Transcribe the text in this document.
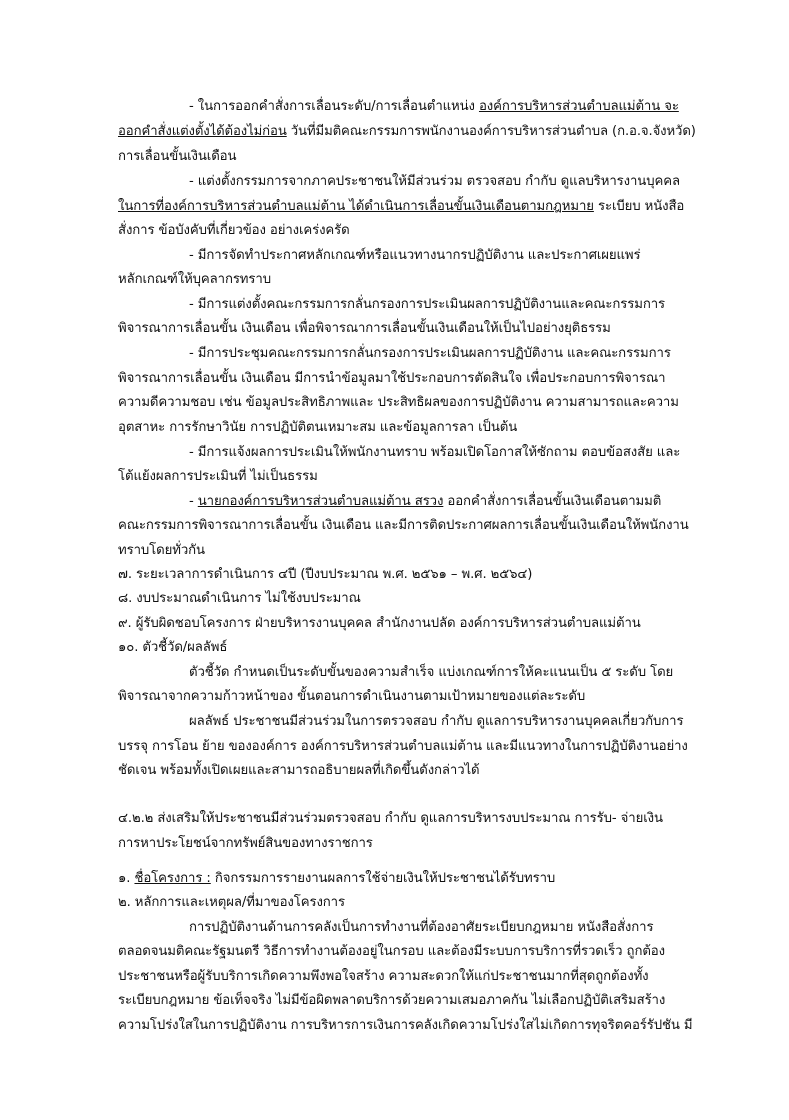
- ในการออกคำสั่งการเลื่อนระดับ/การเลื่อนตำแหน่ง องค์การบริหารส่วนตำบลแม่ต้าน จะ
ออกคำสั่งแต่งตั้งได้ต้องไม่ก่อน วันที่มีมติคณะกรรมการพนักงานองค์การบริหารส่วนตำบล (ก.อ.จ.จังหวัด)
การเลื่อนขั้นเงินเดือน
- แต่งตั้งกรรมการจากภาคประชาชนให้มีส่วนร่วม ตรวจสอบ กำกับ ดูแลบริหารงานบุคคล
ในการที่องค์การบริหารส่วนตำบลแม่ต้าน ได้ดำเนินการเลื่อนขั้นเงินเดือนตามกฎหมาย ระเบียบ หนังสือ
สั่งการ ข้อบังคับที่เกี่ยวข้อง อย่างเคร่งครัด
- มีการจัดทำประกาศหลักเกณฑ์หรือแนวทางนากรปฏิบัติงาน และประกาศเผยแพร่
หลักเกณฑ์ให้บุคลากรทราบ
- มีการแต่งตั้งคณะกรรมการกลั่นกรองการประเมินผลการปฏิบัติงานและคณะกรรมการ
พิจารณาการเลื่อนขั้น เงินเดือน เพื่อพิจารณาการเลื่อนขั้นเงินเดือนให้เป็นไปอย่างยุติธรรม
- มีการประชุมคณะกรรมการกลั่นกรองการประเมินผลการปฏิบัติงาน และคณะกรรมการ
พิจารณาการเลื่อนขั้น เงินเดือน มีการนำข้อมูลมาใช้ประกอบการตัดสินใจ เพื่อประกอบการพิจารณา
ความดีความชอบ เช่น ข้อมูลประสิทธิภาพและ ประสิทธิผลของการปฏิบัติงาน ความสามารถและความ
อุตสาหะ การรักษาวินัย การปฏิบัติตนเหมาะสม และข้อมูลการลา เป็นต้น
- มีการแจ้งผลการประเมินให้พนักงานทราบ พร้อมเปิดโอกาสให้ซักถาม ตอบข้อสงสัย และ
โต้แย้งผลการประเมินที่ ไม่เป็นธรรม
- นายกองค์การบริหารส่วนตำบลแม่ต้าน สรวง ออกคำสั่งการเลื่อนขั้นเงินเดือนตามมติ
คณะกรรมการพิจารณาการเลื่อนขั้น เงินเดือน และมีการติดประกาศผลการเลื่อนขั้นเงินเดือนให้พนักงาน
ทราบโดยทั่วกัน
๗. ระยะเวลาการดำเนินการ ๔ปี (ปีงบประมาณ พ.ศ. ๒๕๖๑ – พ.ศ. ๒๕๖๔)
๘. งบประมาณดำเนินการ ไม่ใช้งบประมาณ
๙. ผู้รับผิดชอบโครงการ ฝ่ายบริหารงานบุคคล สำนักงานปลัด องค์การบริหารส่วนตำบลแม่ต้าน
๑๐. ตัวชี้วัด/ผลลัพธ์
ตัวชี้วัด กำหนดเป็นระดับขั้นของความสำเร็จ แบ่งเกณฑ์การให้คะแนนเป็น ๕ ระดับ โดย
พิจารณาจากความก้าวหน้าของ ขั้นตอนการดำเนินงานตามเป้าหมายของแต่ละระดับ
ผลลัพธ์ ประชาชนมีส่วนร่วมในการตรวจสอบ กำกับ ดูแลการบริหารงานบุคคลเกี่ยวกับการ
บรรจุ การโอน ย้าย ขององค์การ องค์การบริหารส่วนตำบลแม่ต้าน และมีแนวทางในการปฏิบัติงานอย่าง
ชัดเจน พร้อมทั้งเปิดเผยและสามารถอธิบายผลที่เกิดขึ้นดังกล่าวได้
๔.๒.๒ ส่งเสริมให้ประชาชนมีส่วนร่วมตรวจสอบ กำกับ ดูแลการบริหารงบประมาณ การรับ- จ่ายเงิน
การหาประโยชน์จากทรัพย์สินของทางราชการ
๑. ชื่อโครงการ : กิจกรรมการรายงานผลการใช้จ่ายเงินให้ประชาชนได้รับทราบ
๒. หลักการและเหตุผล/ที่มาของโครงการ
การปฏิบัติงานด้านการคลังเป็นการทำงานที่ต้องอาศัยระเบียบกฎหมาย หนังสือสั่งการ
ตลอดจนมติคณะรัฐมนตรี วิธีการทำงานต้องอยู่ในกรอบ และต้องมีระบบการบริการที่รวดเร็ว ถูกต้อง
ประชาชนหรือผู้รับบริการเกิดความพึงพอใจสร้าง ความสะดวกให้แก่ประชาชนมากที่สุดถูกต้องทั้ง
ระเบียบกฎหมาย ข้อเท็จจริง ไม่มีข้อผิดพลาดบริการด้วยความเสมอภาคกัน ไม่เลือกปฏิบัติเสริมสร้าง
ความโปร่งใสในการปฏิบัติงาน การบริหารการเงินการคลังเกิดความโปร่งใสไม่เกิดการทุจริตคอร์รัปชัน มี
